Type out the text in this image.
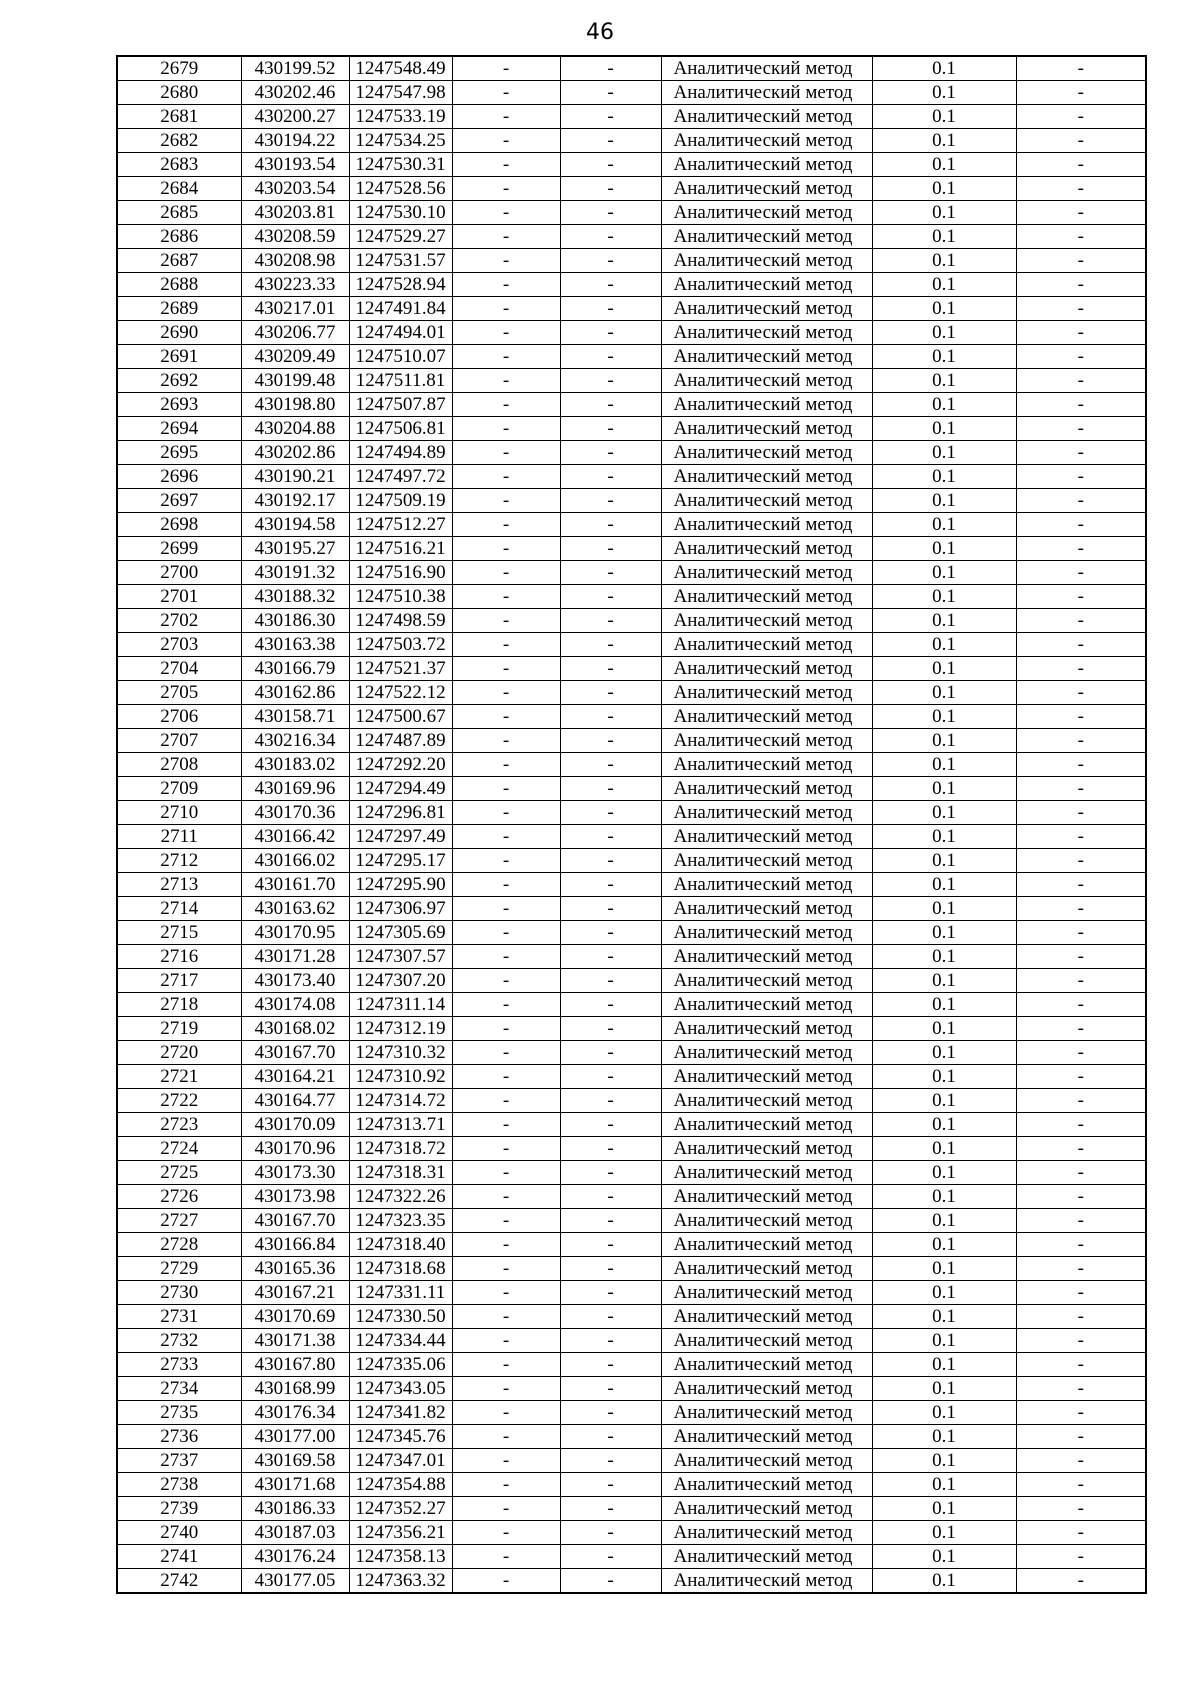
46
2679	430199.52	1247548.49	-	-	Аналитический метод	0.1	-
2680	430202.46	1247547.98	-	-	Аналитический метод	0.1	-
2681	430200.27	1247533.19	-	-	Аналитический метод	0.1	-
2682	430194.22	1247534.25	-	-	Аналитический метод	0.1	-
2683	430193.54	1247530.31	-	-	Аналитический метод	0.1	-
2684	430203.54	1247528.56	-	-	Аналитический метод	0.1	-
2685	430203.81	1247530.10	-	-	Аналитический метод	0.1	-
2686	430208.59	1247529.27	-	-	Аналитический метод	0.1	-
2687	430208.98	1247531.57	-	-	Аналитический метод	0.1	-
2688	430223.33	1247528.94	-	-	Аналитический метод	0.1	-
2689	430217.01	1247491.84	-	-	Аналитический метод	0.1	-
2690	430206.77	1247494.01	-	-	Аналитический метод	0.1	-
2691	430209.49	1247510.07	-	-	Аналитический метод	0.1	-
2692	430199.48	1247511.81	-	-	Аналитический метод	0.1	-
2693	430198.80	1247507.87	-	-	Аналитический метод	0.1	-
2694	430204.88	1247506.81	-	-	Аналитический метод	0.1	-
2695	430202.86	1247494.89	-	-	Аналитический метод	0.1	-
2696	430190.21	1247497.72	-	-	Аналитический метод	0.1	-
2697	430192.17	1247509.19	-	-	Аналитический метод	0.1	-
2698	430194.58	1247512.27	-	-	Аналитический метод	0.1	-
2699	430195.27	1247516.21	-	-	Аналитический метод	0.1	-
2700	430191.32	1247516.90	-	-	Аналитический метод	0.1	-
2701	430188.32	1247510.38	-	-	Аналитический метод	0.1	-
2702	430186.30	1247498.59	-	-	Аналитический метод	0.1	-
2703	430163.38	1247503.72	-	-	Аналитический метод	0.1	-
2704	430166.79	1247521.37	-	-	Аналитический метод	0.1	-
2705	430162.86	1247522.12	-	-	Аналитический метод	0.1	-
2706	430158.71	1247500.67	-	-	Аналитический метод	0.1	-
2707	430216.34	1247487.89	-	-	Аналитический метод	0.1	-
2708	430183.02	1247292.20	-	-	Аналитический метод	0.1	-
2709	430169.96	1247294.49	-	-	Аналитический метод	0.1	-
2710	430170.36	1247296.81	-	-	Аналитический метод	0.1	-
2711	430166.42	1247297.49	-	-	Аналитический метод	0.1	-
2712	430166.02	1247295.17	-	-	Аналитический метод	0.1	-
2713	430161.70	1247295.90	-	-	Аналитический метод	0.1	-
2714	430163.62	1247306.97	-	-	Аналитический метод	0.1	-
2715	430170.95	1247305.69	-	-	Аналитический метод	0.1	-
2716	430171.28	1247307.57	-	-	Аналитический метод	0.1	-
2717	430173.40	1247307.20	-	-	Аналитический метод	0.1	-
2718	430174.08	1247311.14	-	-	Аналитический метод	0.1	-
2719	430168.02	1247312.19	-	-	Аналитический метод	0.1	-
2720	430167.70	1247310.32	-	-	Аналитический метод	0.1	-
2721	430164.21	1247310.92	-	-	Аналитический метод	0.1	-
2722	430164.77	1247314.72	-	-	Аналитический метод	0.1	-
2723	430170.09	1247313.71	-	-	Аналитический метод	0.1	-
2724	430170.96	1247318.72	-	-	Аналитический метод	0.1	-
2725	430173.30	1247318.31	-	-	Аналитический метод	0.1	-
2726	430173.98	1247322.26	-	-	Аналитический метод	0.1	-
2727	430167.70	1247323.35	-	-	Аналитический метод	0.1	-
2728	430166.84	1247318.40	-	-	Аналитический метод	0.1	-
2729	430165.36	1247318.68	-	-	Аналитический метод	0.1	-
2730	430167.21	1247331.11	-	-	Аналитический метод	0.1	-
2731	430170.69	1247330.50	-	-	Аналитический метод	0.1	-
2732	430171.38	1247334.44	-	-	Аналитический метод	0.1	-
2733	430167.80	1247335.06	-	-	Аналитический метод	0.1	-
2734	430168.99	1247343.05	-	-	Аналитический метод	0.1	-
2735	430176.34	1247341.82	-	-	Аналитический метод	0.1	-
2736	430177.00	1247345.76	-	-	Аналитический метод	0.1	-
2737	430169.58	1247347.01	-	-	Аналитический метод	0.1	-
2738	430171.68	1247354.88	-	-	Аналитический метод	0.1	-
2739	430186.33	1247352.27	-	-	Аналитический метод	0.1	-
2740	430187.03	1247356.21	-	-	Аналитический метод	0.1	-
2741	430176.24	1247358.13	-	-	Аналитический метод	0.1	-
2742	430177.05	1247363.32	-	-	Аналитический метод	0.1	-
